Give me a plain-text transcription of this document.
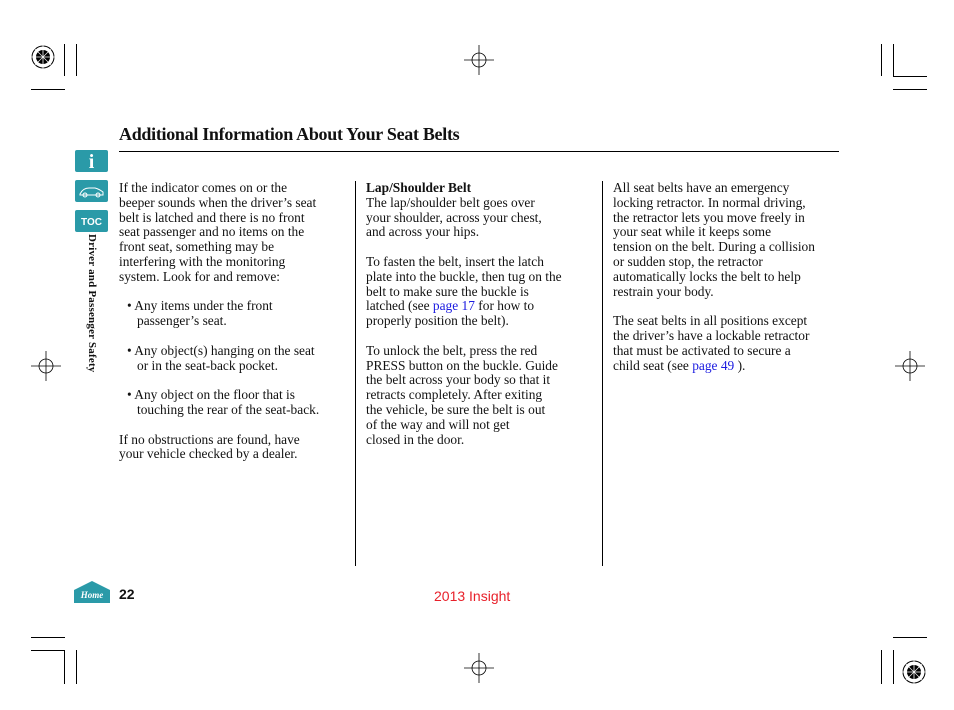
Additional Information About Your Seat Belts
i
TOC
Driver and Passenger Safety
Home

If the indicator comes on or the
beeper sounds when the driver’s seat
belt is latched and there is no front
seat passenger and no items on the
front seat, something may be
interfering with the monitoring
system. Look for and remove:

• Any items under the front
passenger’s seat.

• Any object(s) hanging on the seat
or in the seat-back pocket.

• Any object on the floor that is
touching the rear of the seat-back.

If no obstructions are found, have
your vehicle checked by a dealer.

Lap/Shoulder Belt

The lap/shoulder belt goes over
your shoulder, across your chest,
and across your hips.

To fasten the belt, insert the latch
plate into the buckle, then tug on the
belt to make sure the buckle is
latched (see page 17 for how to
properly position the belt).

To unlock the belt, press the red
PRESS button on the buckle. Guide
the belt across your body so that it
retracts completely. After exiting
the vehicle, be sure the belt is out
of the way and will not get
closed in the door.

All seat belts have an emergency
locking retractor. In normal driving,
the retractor lets you move freely in
your seat while it keeps some
tension on the belt. During a collision
or sudden stop, the retractor
automatically locks the belt to help
restrain your body.

The seat belts in all positions except
the driver’s have a lockable retractor
that must be activated to secure a
child seat (see page 49 ).

22	2013 Insight
